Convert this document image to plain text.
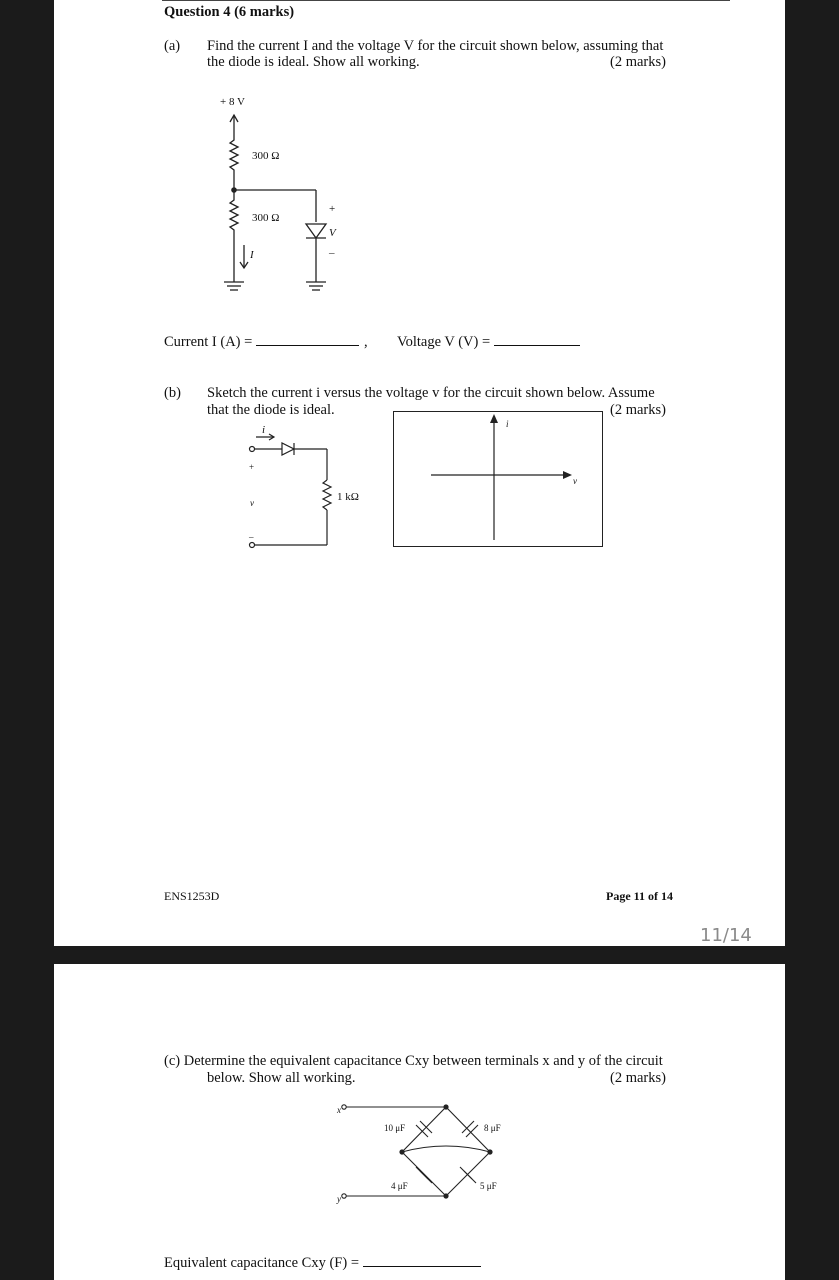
Question 4 (6 marks)
(a) Find the current I and the voltage V for the circuit shown below, assuming that
the diode is ideal. Show all working.	(2 marks)
+ 8 V
300 Ω
300 Ω
+
V
–
I
Current I (A) =	, Voltage V (V) =
(b) Sketch the current i versus the voltage v for the circuit shown below. Assume
that the diode is ideal.	(2 marks)
i
+
v
–
1 kΩ
i
v
ENS1253D	Page 11 of 14
11/14
(c) Determine the equivalent capacitance Cxy between terminals x and y of the circuit
below. Show all working.	(2 marks)
x
y
10 μF	8 μF
4 μF	5 μF
Equivalent capacitance Cxy (F) =
